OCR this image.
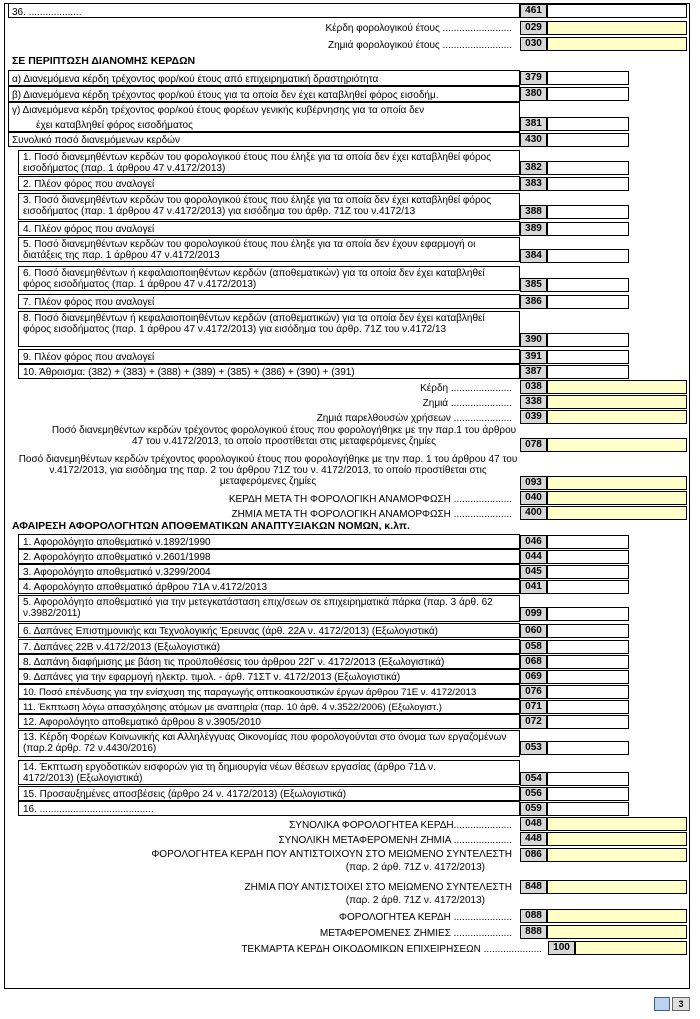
36. ...................	461
Κέρδη φορολογικού έτους .........................	029
Ζημιά φορολογικού έτους .........................	030
ΣΕ ΠΕΡΙΠΤΩΣΗ ΔΙΑΝΟΜΗΣ ΚΕΡΔΩΝ
α) Διανεμόμενα κέρδη τρέχοντος φορ/κού έτους από επιχειρηματική δραστηριότητα	379
β) Διανεμόμενα κέρδη τρέχοντος φορ/κού έτους για τα οποία δεν έχει καταβληθεί φόρος εισοδήμ.	380
γ) Διανεμόμενα κέρδη τρέχοντος φορ/κού έτους φορέων γενικής κυβέρνησης για τα οποία δεν
έχει καταβληθεί φόρος εισοδήματος	381
Συνολικό ποσό διανεμόμενων κερδών	430
1. Ποσό διανεμηθέντων κερδών του φορολογικού έτους που έληξε για τα οποία δεν έχει καταβληθεί φόρος εισοδήματος (παρ. 1 άρθρου 47 ν.4172/2013)	382
2. Πλέον φόρος που αναλογεί	383
3. Ποσό διανεμηθέντων κερδών του φορολογικού έτους που έληξε για τα οποία δεν έχει καταβληθεί φόρος εισοδήματος (παρ. 1 άρθρου 47 ν.4172/2013) για εισόδημα του άρθρ. 71Ζ του ν.4172/13	388
4. Πλέον φόρος που αναλογεί	389
5. Ποσό διανεμηθέντων κερδών του φορολογικού έτους που έληξε για τα οποία δεν έχουν εφαρμογή οι διατάξεις της παρ. 1 άρθρου 47 ν.4172/2013	384
6. Ποσό διανεμηθέντων ή κεφαλαιοποιηθέντων κερδών (αποθεματικών) για τα οποία δεν έχει καταβληθεί φόρος εισοδήματος (παρ. 1 άρθρου 47 ν.4172/2013)	385
7. Πλέον φόρος που αναλογεί	386
8. Ποσό διανεμηθέντων ή κεφαλαιοποιηθέντων κερδών (αποθεματικών) για τα οποία δεν έχει καταβληθεί φόρος εισοδήματος (παρ. 1 άρθρου 47 ν.4172/2013) για εισόδημα του άρθρ. 71Ζ του ν.4172/13
390
9. Πλέον φόρος που αναλογεί	391
10. Άθροισμα: (382) + (383) + (388) + (389) + (385) + (386) + (390) + (391)	387
Κέρδη ......................	038
Ζημιά ......................	338
Ζημιά παρελθουσών χρήσεων .....................	039
Ποσό διανεμηθέντων κερδών τρέχοντος φορολογικού έτους που φορολογήθηκε με την παρ.1 του άρθρου 47 του ν.4172/2013, το οποίο προστίθεται στις μεταφερόμενες ζημίες	078
Ποσό διανεμηθέντων κερδών τρέχοντος φορολογικού έτους που φορολογήθηκε με την παρ. 1 του άρθρου 47 του ν.4172/2013, για εισόδημα της παρ. 2 του άρθρου 71Ζ του ν. 4172/2013, το οποίο προστίθεται στις μεταφερόμενες ζημίες	093
ΚΕΡΔΗ ΜΕΤΑ ΤΗ ΦΟΡΟΛΟΓΙΚΗ ΑΝΑΜΟΡΦΩΣΗ .....................	040
ΖΗΜΙΑ ΜΕΤΑ ΤΗ ΦΟΡΟΛΟΓΙΚΗ ΑΝΑΜΟΡΦΩΣΗ .....................	400
ΑΦΑΙΡΕΣΗ ΑΦΟΡΟΛΟΓΗΤΩΝ ΑΠΟΘΕΜΑΤΙΚΩΝ ΑΝΑΠΤΥΞΙΑΚΩΝ ΝΟΜΩΝ, κ.λπ.
1. Αφορολόγητο αποθεματικό ν.1892/1990	046
2. Αφορολόγητο αποθεματικό ν.2601/1998	044
3. Αφορολόγητο αποθεματικό ν.3299/2004	045
4. Αφορολόγητο αποθεματικό άρθρου 71Α ν.4172/2013	041
5. Αφορολόγητο αποθεματικό για την μετεγκατάσταση επιχ/σεων σε επιχειρηματικά πάρκα (παρ. 3 άρθ. 62 ν.3982/2011)	099
6. Δαπάνες Επιστημονικής και Τεχνολογικής Έρευνας (άρθ. 22Α ν. 4172/2013) (Εξωλογιστικά)	060
7. Δαπάνες 22Β ν.4172/2013 (Εξωλογιστικά)	058
8. Δαπάνη διαφήμισης με βάση τις προϋποθέσεις του άρθρου 22Γ ν. 4172/2013 (Εξωλογιστικά)	068
9. Δαπάνες για την εφαρμογή ηλεκτρ. τιμολ. - άρθ. 71ΣΤ ν. 4172/2013 (Εξωλογιστικά)	069
10. Ποσό επένδυσης για την ενίσχυση της παραγωγής οπτικοακουστικών έργων άρθρου 71Ε ν. 4172/2013	076
11. Έκπτωση λόγω απασχόλησης ατόμων με αναπηρία (παρ. 10 άρθ. 4 ν.3522/2006) (Εξωλογιστ.)	071
12. Αφορολόγητο αποθεματικό άρθρου 8 ν.3905/2010	072
13. Κέρδη Φορέων Κοινωνικής και Αλληλέγγυας Οικονομίας που φορολογούνται στο όνομα των εργαζομένων (παρ.2 άρθρ. 72 ν.4430/2016)	053
14. Έκπτωση εργοδοτικών εισφορών για τη δημιουργία νέων θέσεων εργασίας (άρθρο 71Δ ν. 4172/2013) (Εξωλογιστικά)	054
15. Προσαυξημένες αποσβέσεις (άρθρο 24 ν. 4172/2013) (Εξωλογιστικά)	056
16. .........................................	059
ΣΥΝΟΛΙΚΑ ΦΟΡΟΛΟΓΗΤΕΑ ΚΕΡΔΗ.....................	048
ΣΥΝΟΛΙΚΗ ΜΕΤΑΦΕΡΟΜΕΝΗ ΖΗΜΙΑ .....................	448
ΦΟΡΟΛΟΓΗΤΕΑ ΚΕΡΔΗ ΠΟΥ ΑΝΤΙΣΤΟΙΧΟΥΝ ΣΤΟ ΜΕΙΩΜΕΝΟ ΣΥΝΤΕΛΕΣΤΗ
(παρ. 2 άρθ. 71Ζ ν. 4172/2013)
086
ΖΗΜΙΑ ΠΟΥ ΑΝΤΙΣΤΟΙΧΕΙ ΣΤΟ ΜΕΙΩΜΕΝΟ ΣΥΝΤΕΛΕΣΤΗ
(παρ. 2 άρθ. 71Ζ ν. 4172/2013)
848
ΦΟΡΟΛΟΓΗΤΕΑ ΚΕΡΔΗ .....................	088
ΜΕΤΑΦΕΡΟΜΕΝΕΣ ΖΗΜΙΕΣ .....................	888
ΤΕΚΜΑΡΤΑ ΚΕΡΔΗ ΟΙΚΟΔΟΜΙΚΩΝ ΕΠΙΧΕΙΡΗΣΕΩΝ .....................	100
3
